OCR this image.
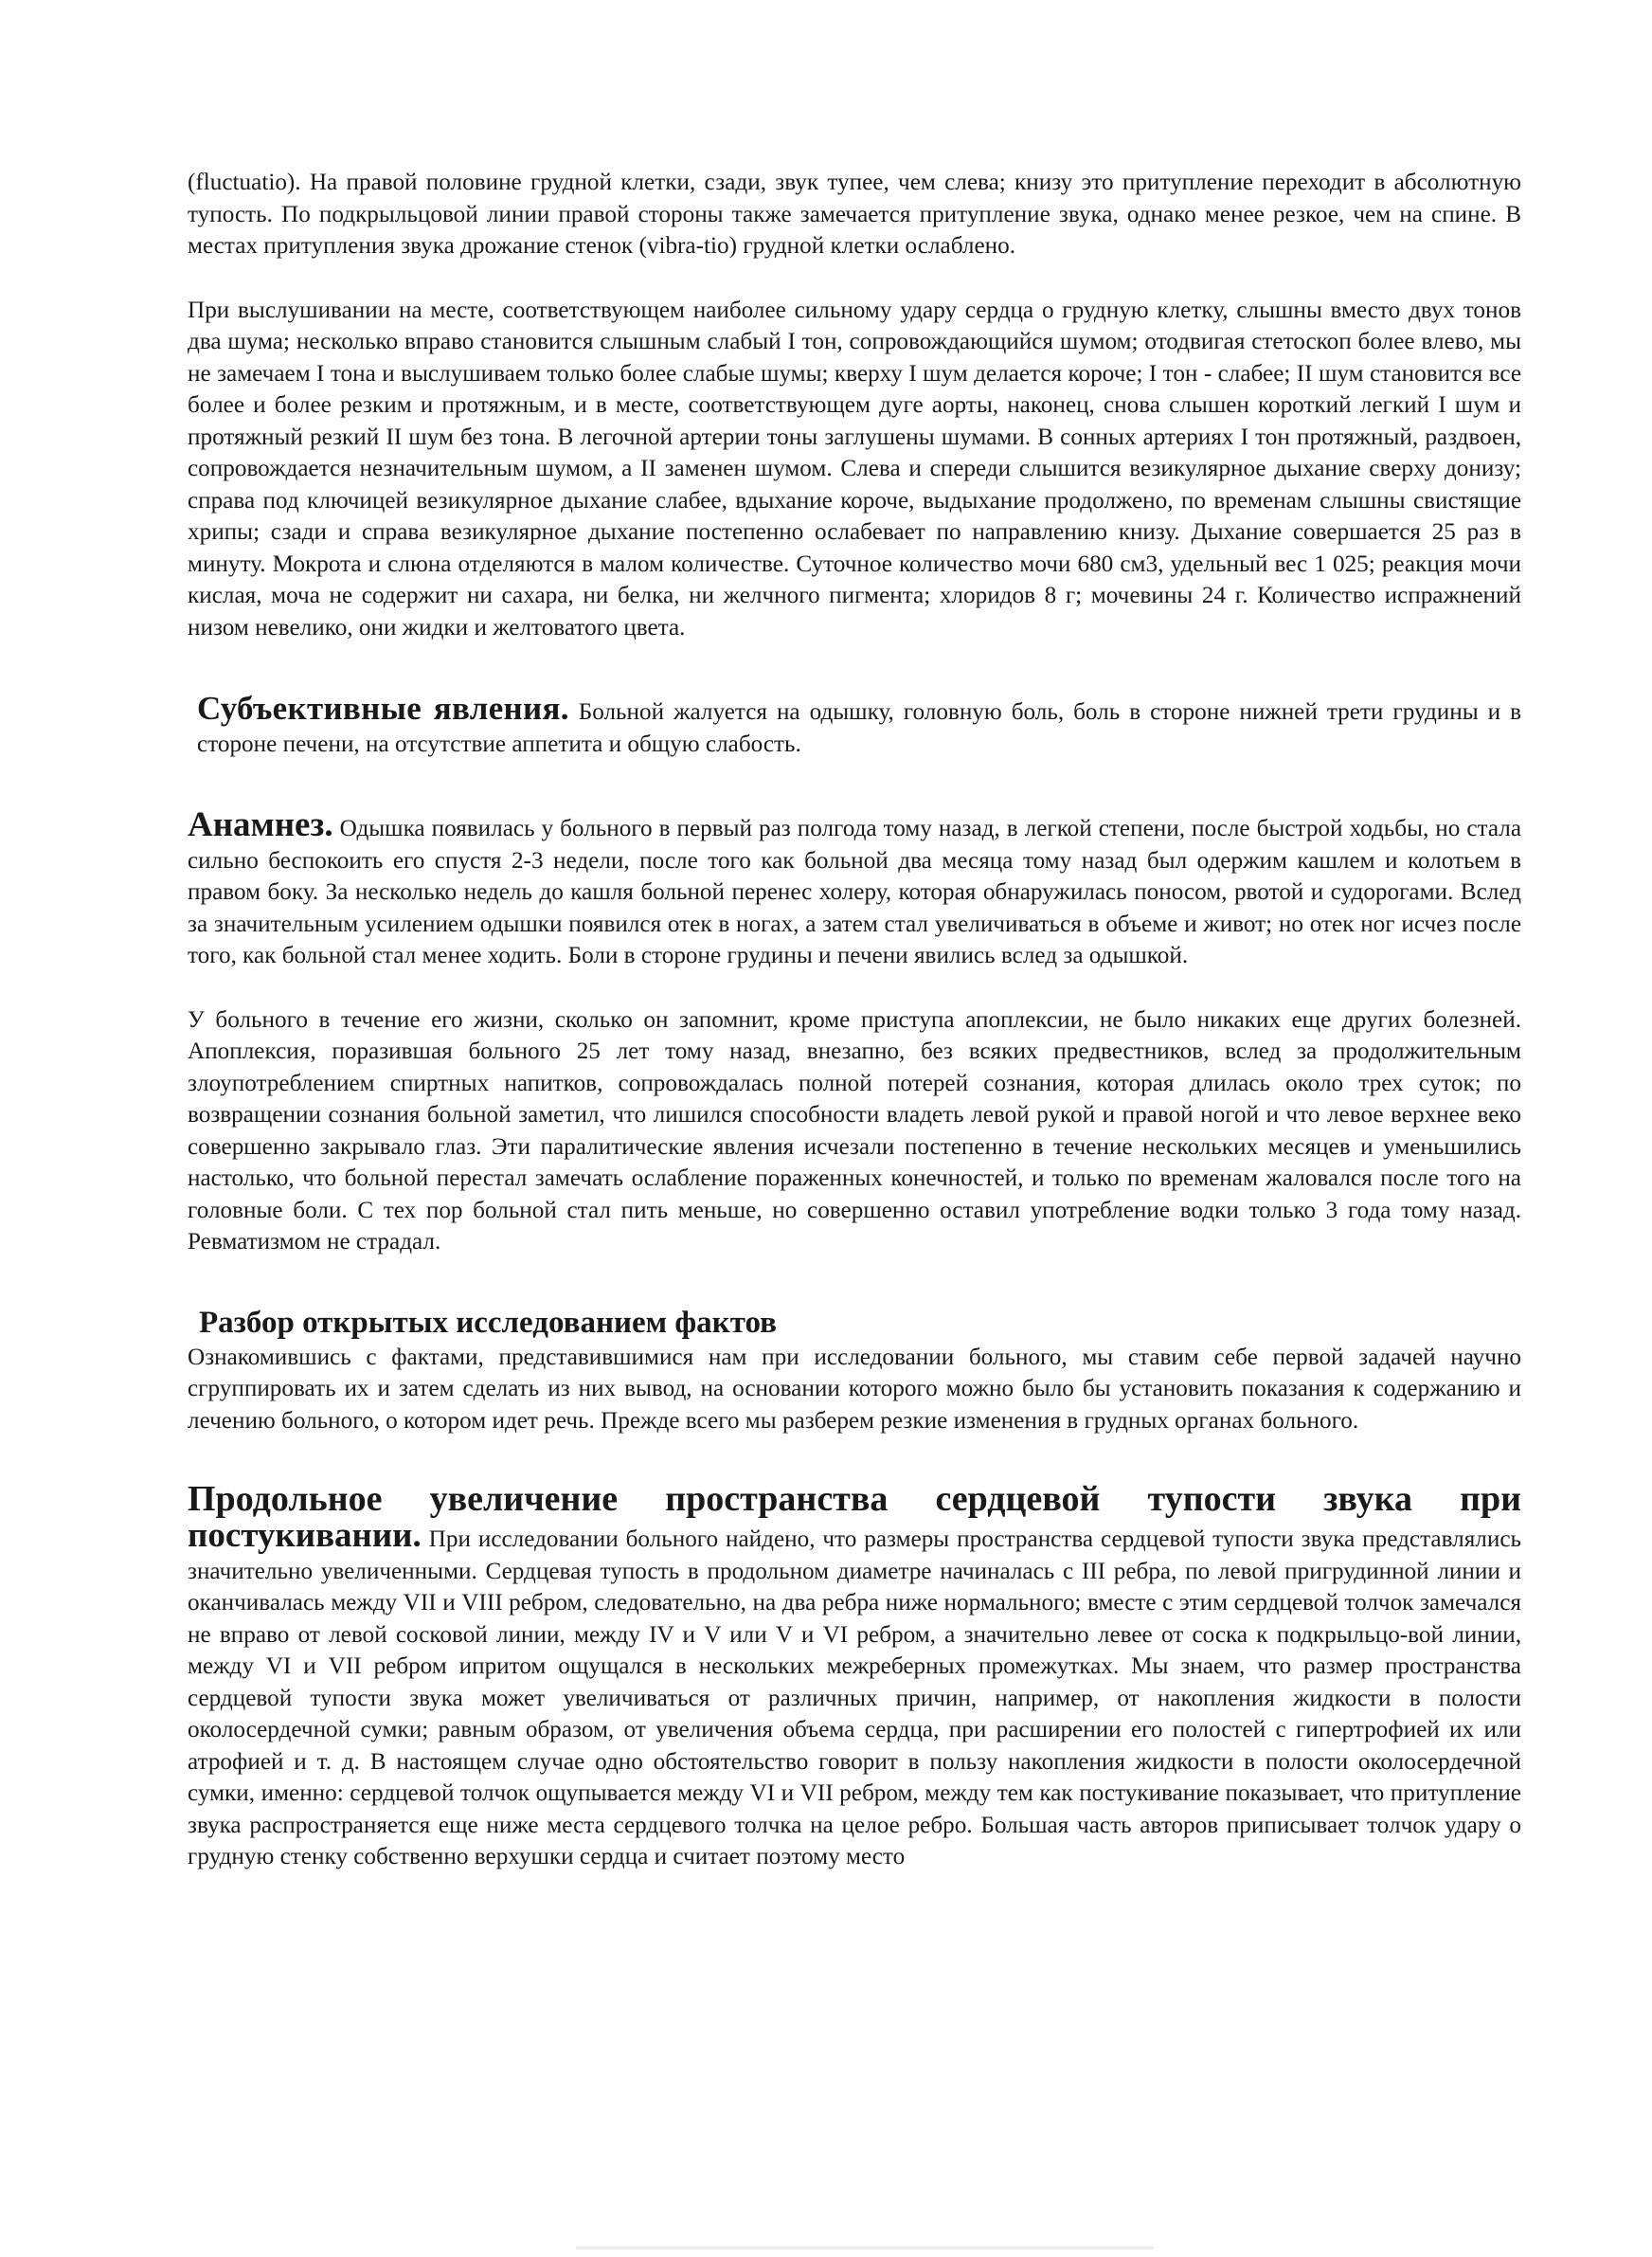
(fluctuatio). На правой половине грудной клетки, сзади, звук тупее, чем слева; книзу это притупление переходит в абсолютную тупость. По подкрыльцовой линии правой стороны также замечается притупление звука, однако менее резкое, чем на спине. В местах притупления звука дрожание стенок (vibra-tio) грудной клетки ослаблено.

При выслушивании на месте, соответствующем наиболее сильному удару сердца о грудную клетку, слышны вместо двух тонов два шума; несколько вправо становится слышным слабый I тон, сопровождающийся шумом; отодвигая стетоскоп более влево, мы не замечаем I тона и выслушиваем только более слабые шумы; кверху I шум делается короче; I тон - слабее; II шум становится все более и более резким и протяжным, и в месте, соответствующем дуге аорты, наконец, снова слышен короткий легкий I шум и протяжный резкий II шум без тона. В легочной артерии тоны заглушены шумами. В сонных артериях I тон протяжный, раздвоен, сопровождается незначительным шумом, а II заменен шумом. Слева и спереди слышится везикулярное дыхание сверху донизу; справа под ключицей везикулярное дыхание слабее, вдыхание короче, выдыхание продолжено, по временам слышны свистящие хрипы; сзади и справа везикулярное дыхание постепенно ослабевает по направлению книзу. Дыхание совершается 25 раз в минуту. Мокрота и слюна отделяются в малом количестве. Суточное количество мочи 680 см3, удельный вес 1 025; реакция мочи кислая, моча не содержит ни сахара, ни белка, ни желчного пигмента; хлоридов 8 г; мочевины 24 г. Количество испражнений низом невелико, они жидки и желтоватого цвета.

Субъективные явления. Больной жалуется на одышку, головную боль, боль в стороне нижней трети грудины и в стороне печени, на отсутствие аппетита и общую слабость.

Анамнез. Одышка появилась у больного в первый раз полгода тому назад, в легкой степени, после быстрой ходьбы, но стала сильно беспокоить его спустя 2-3 недели, после того как больной два месяца тому назад был одержим кашлем и колотьем в правом боку. За несколько недель до кашля больной перенес холеру, которая обнаружилась поносом, рвотой и судорогами. Вслед за значительным усилением одышки появился отек в ногах, а затем стал увеличиваться в объеме и живот; но отек ног исчез после того, как больной стал менее ходить. Боли в стороне грудины и печени явились вслед за одышкой.

У больного в течение его жизни, сколько он запомнит, кроме приступа апоплексии, не было никаких еще других болезней. Апоплексия, поразившая больного 25 лет тому назад, внезапно, без всяких предвестников, вслед за продолжительным злоупотреблением спиртных напитков, сопровождалась полной потерей сознания, которая длилась около трех суток; по возвращении сознания больной заметил, что лишился способности владеть левой рукой и правой ногой и что левое верхнее веко совершенно закрывало глаз. Эти паралитические явления исчезали постепенно в течение нескольких месяцев и уменьшились настолько, что больной перестал замечать ослабление пораженных конечностей, и только по временам жаловался после того на головные боли. С тех пор больной стал пить меньше, но совершенно оставил употребление водки только 3 года тому назад. Ревматизмом не страдал.

Разбор открытых исследованием фактов

Ознакомившись с фактами, представившимися нам при исследовании больного, мы ставим себе первой задачей научно сгруппировать их и затем сделать из них вывод, на основании которого можно было бы установить показания к содержанию и лечению больного, о котором идет речь. Прежде всего мы разберем резкие изменения в грудных органах больного.

Продольное увеличение пространства сердцевой тупости звука при

постукивании. При исследовании больного найдено, что размеры пространства сердцевой тупости звука представлялись значительно увеличенными. Сердцевая тупость в продольном диаметре начиналась с III ребра, по левой пригрудинной линии и оканчивалась между VII и VIII ребром, следовательно, на два ребра ниже нормального; вместе с этим сердцевой толчок замечался не вправо от левой сосковой линии, между IV и V или V и VI ребром, а значительно левее от соска к подкрыльцо-вой линии, между VI и VII ребром ипритом ощущался в нескольких межреберных промежутках. Мы знаем, что размер пространства сердцевой тупости звука может увеличиваться от различных причин, например, от накопления жидкости в полости околосердечной сумки; равным образом, от увеличения объема сердца, при расширении его полостей с гипертрофией их или атрофией и т. д. В настоящем случае одно обстоятельство говорит в пользу накопления жидкости в полости околосердечной сумки, именно: сердцевой толчок ощупывается между VI и VII ребром, между тем как постукивание показывает, что притупление звука распространяется еще ниже места сердцевого толчка на целое ребро. Большая часть авторов приписывает толчок удару о грудную стенку собственно верхушки сердца и считает поэтому место
